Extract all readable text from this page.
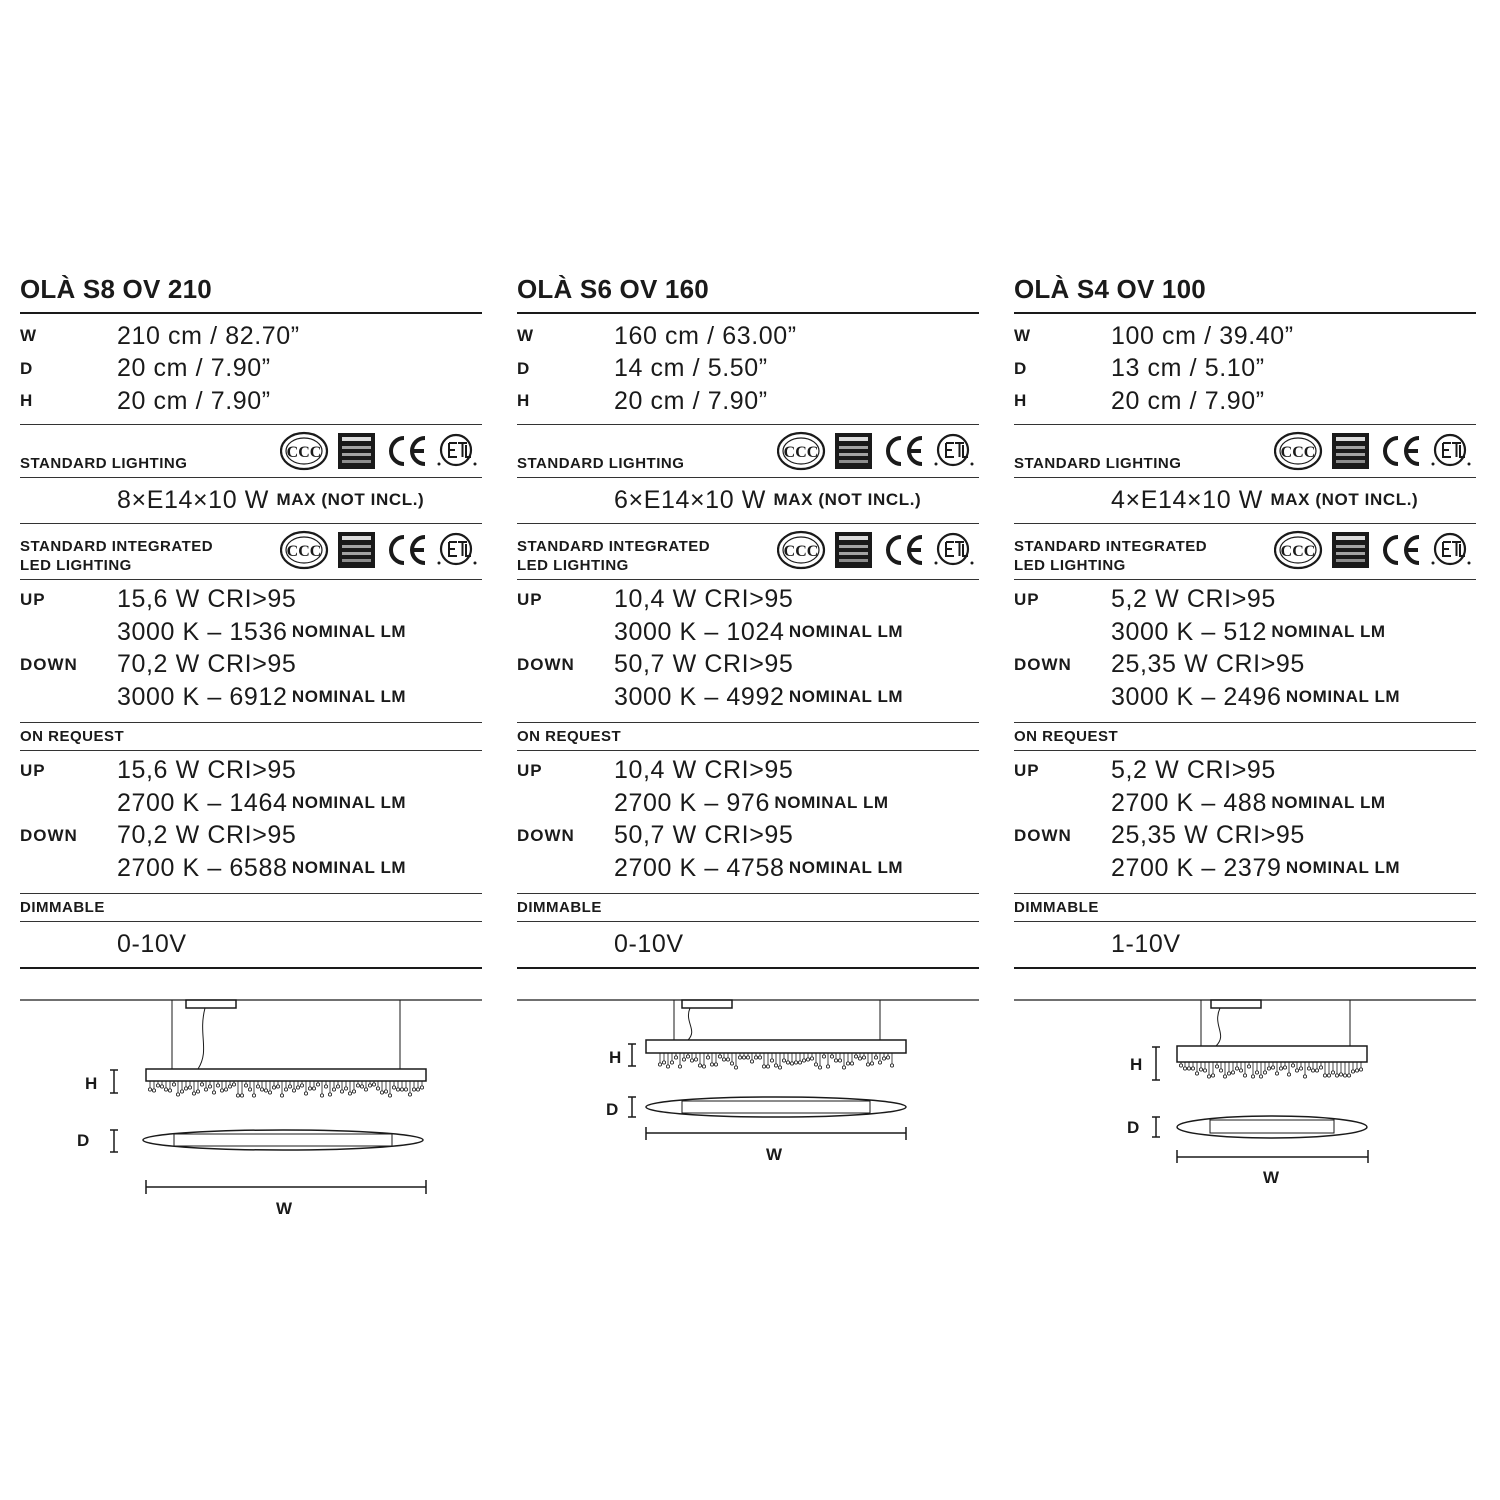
OLÀ S8 OV 210
W	210 cm / 82.70”
D	20 cm / 7.90”
H	20 cm / 7.90”
STANDARD LIGHTING
CCC
8×E14×10 W
MAX (NOT INCL.)
STANDARD INTEGRATED
LED LIGHTING
CCC
UP	15,6 W CRI>95
3000 K – 1536
NOMINAL LM
DOWN	70,2 W CRI>95
3000 K – 6912
NOMINAL LM
ON REQUEST
UP	15,6 W CRI>95
2700 K – 1464
NOMINAL LM
DOWN	70,2 W CRI>95
2700 K – 6588
NOMINAL LM
DIMMABLE
0-10V
OLÀ S6 OV 160
W	160 cm / 63.00”
D	14 cm / 5.50”
H	20 cm / 7.90”
STANDARD LIGHTING
CCC
6×E14×10 W
MAX (NOT INCL.)
STANDARD INTEGRATED
LED LIGHTING
CCC
UP	10,4 W CRI>95
3000 K – 1024
NOMINAL LM
DOWN	50,7 W CRI>95
3000 K – 4992
NOMINAL LM
ON REQUEST
UP	10,4 W CRI>95
2700 K – 976
NOMINAL LM
DOWN	50,7 W CRI>95
2700 K – 4758
NOMINAL LM
DIMMABLE
0-10V
OLÀ S4 OV 100
W	100 cm / 39.40”
D	13 cm / 5.10”
H	20 cm / 7.90”
STANDARD LIGHTING
CCC
4×E14×10 W
MAX (NOT INCL.)
STANDARD INTEGRATED
LED LIGHTING
CCC
UP	5,2 W CRI>95
3000 K – 512
NOMINAL LM
DOWN	25,35 W CRI>95
3000 K – 2496
NOMINAL LM
ON REQUEST
UP	5,2 W CRI>95
2700 K – 488
NOMINAL LM
DOWN	25,35 W CRI>95
2700 K – 2379
NOMINAL LM
DIMMABLE
1-10V
H
D
W
H
D
W
H
D
W
